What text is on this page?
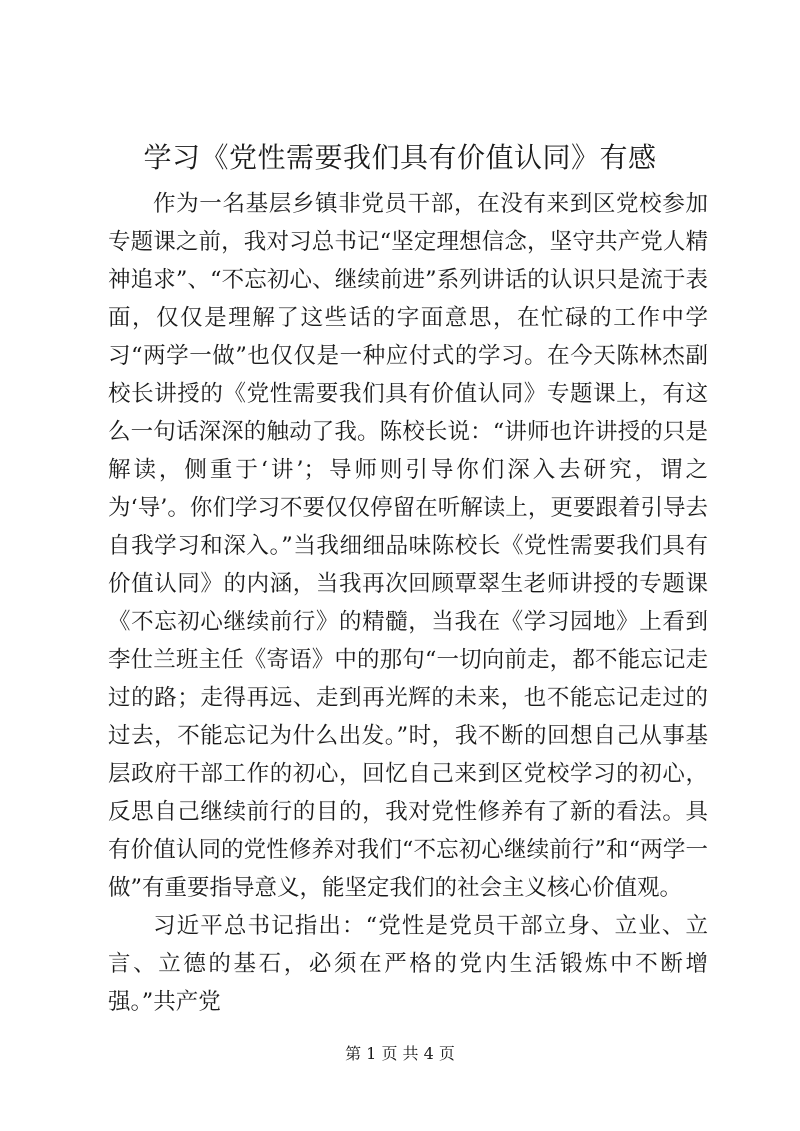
学习《党性需要我们具有价值认同》有感

作为一名基层乡镇非党员干部，在没有来到区党校参加专题课之前，我对习总书记“坚定理想信念，坚守共产党人精神追求”、“不忘初心、继续前进”系列讲话的认识只是流于表面，仅仅是理解了这些话的字面意思，在忙碌的工作中学习“两学一做”也仅仅是一种应付式的学习。在今天陈林杰副校长讲授的《党性需要我们具有价值认同》专题课上，有这么一句话深深的触动了我。陈校长说：“讲师也许讲授的只是解读，侧重于‘讲’；导师则引导你们深入去研究，谓之为‘导’。你们学习不要仅仅停留在听解读上，更要跟着引导去自我学习和深入。”当我细细品味陈校长《党性需要我们具有价值认同》的内涵，当我再次回顾覃翠生老师讲授的专题课《不忘初心继续前行》的精髓，当我在《学习园地》上看到李仕兰班主任《寄语》中的那句“一切向前走，都不能忘记走过的路；走得再远、走到再光辉的未来，也不能忘记走过的过去，不能忘记为什么出发。”时，我不断的回想自己从事基层政府干部工作的初心，回忆自己来到区党校学习的初心，反思自己继续前行的目的，我对党性修养有了新的看法。具有价值认同的党性修养对我们“不忘初心继续前行”和“两学一做”有重要指导意义，能坚定我们的社会主义核心价值观。

习近平总书记指出：“党性是党员干部立身、立业、立言、立德的基石，必须在严格的党内生活锻炼中不断增强。”共产党

第 1 页 共 4 页
